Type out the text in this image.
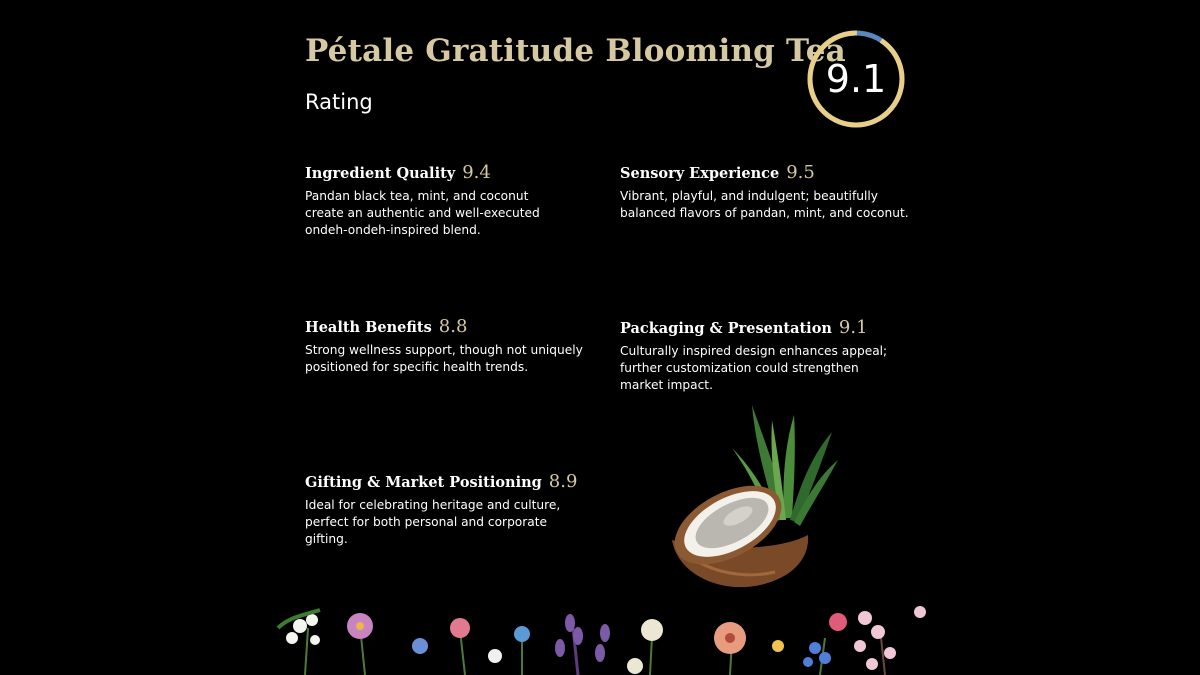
Pétale Gratitude Blooming Tea
Rating
9.1
Ingredient Quality 9.4
Pandan black tea, mint, and coconut create an authentic and well-executed ondeh-ondeh-inspired blend.
Sensory Experience 9.5
Vibrant, playful, and indulgent; beautifully balanced flavors of pandan, mint, and coconut.
Health Benefits 8.8
Strong wellness support, though not uniquely positioned for specific health trends.
Packaging & Presentation 9.1
Culturally inspired design enhances appeal; further customization could strengthen market impact.
Gifting & Market Positioning 8.9
Ideal for celebrating heritage and culture, perfect for both personal and corporate gifting.
